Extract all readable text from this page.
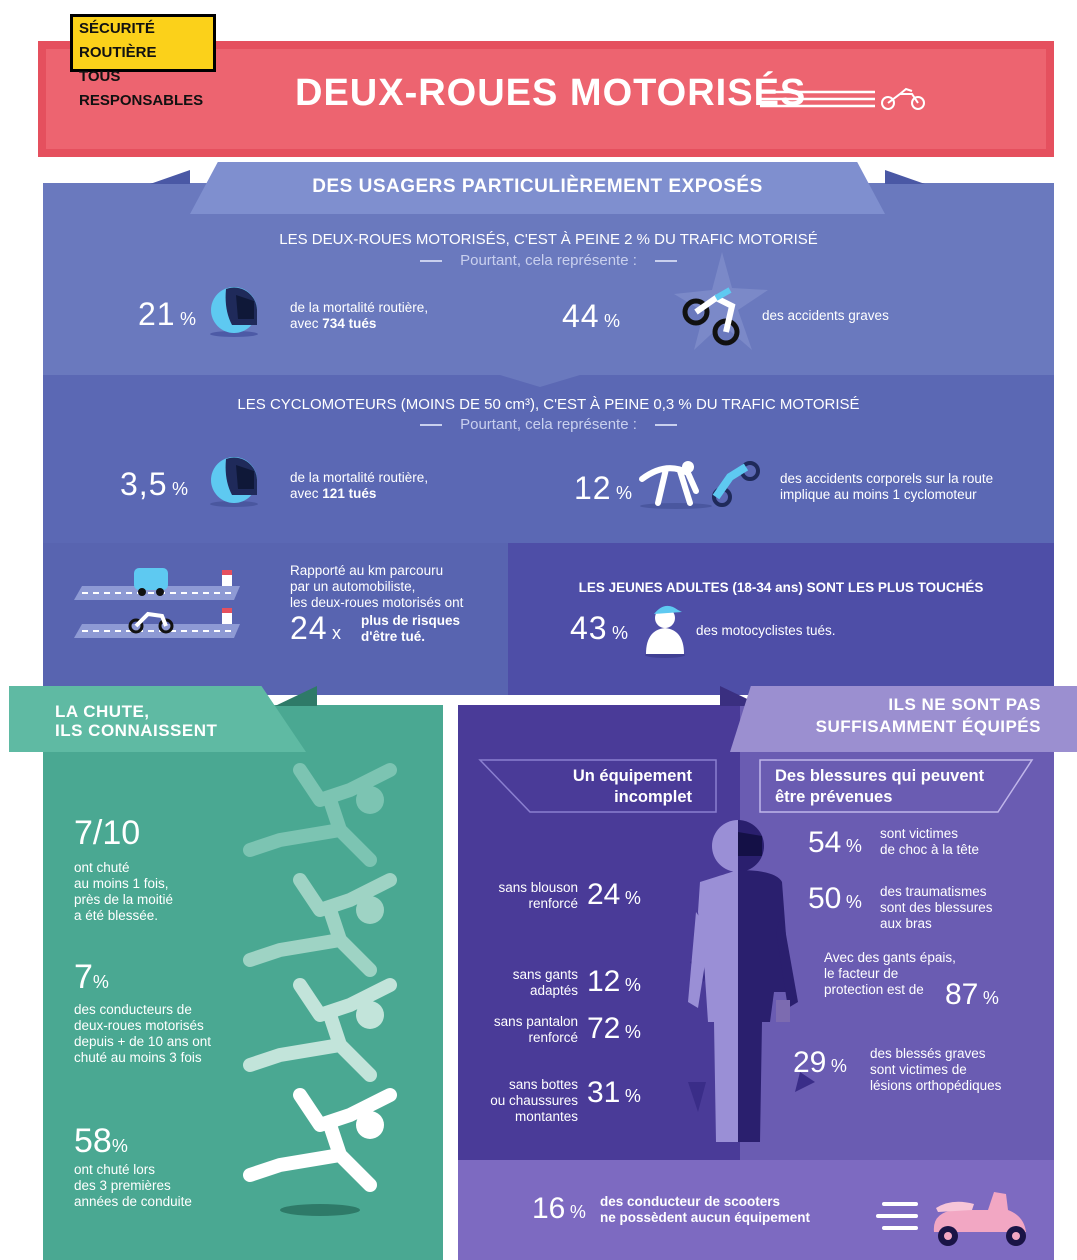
SÉCURITÉ ROUTIÈRE
TOUS RESPONSABLES DEUX-ROUES MOTORISÉS
DES USAGERS PARTICULIÈREMENT EXPOSÉS
LES DEUX-ROUES MOTORISÉS, C'EST À PEINE 2 % DU TRAFIC MOTORISÉ
Pourtant, cela représente :
21 %
de la mortalité routière,
avec 734 tués	44 %	des accidents graves
LES CYCLOMOTEURS (MOINS DE 50 cm³), C'EST À PEINE 0,3 % DU TRAFIC MOTORISÉ
Pourtant, cela représente :
3,5 %
de la mortalité routière,
avec 121 tués	12 %
des accidents corporels sur la route
implique au moins 1 cyclomoteur
Rapporté au km parcouru
par un automobiliste,
les deux-roues motorisés ont
24 x
plus de risques
d'être tué.
LES JEUNES ADULTES (18-34 ans) SONT LES PLUS TOUCHÉS
43 %	des motocyclistes tués.
LA CHUTE,
ILS CONNAISSENT
7/10
ont chuté
au moins 1 fois,
près de la moitié
a été blessée.
7%
des conducteurs de
deux-roues motorisés
depuis + de 10 ans ont
chuté au moins 3 fois
58%
ont chuté lors
des 3 premières
années de conduite
ILS NE SONT PAS
SUFFISAMMENT ÉQUIPÉS
Un équipement
incomplet
Des blessures qui peuvent
être prévenues
sans blouson
renforcé 24 %
sans gants
adaptés 12 %
sans pantalon
renforcé 72 %
sans bottes
ou chaussures
montantes
31 %
54 %
sont victimes
de choc à la tête
50 %
des traumatismes
sont des blessures
aux bras
Avec des gants épais,
le facteur de
protection est de 87 %
29 %
des blessés graves
sont victimes de
lésions orthopédiques
16 %
des conducteur de scooters
ne possèdent aucun équipement
